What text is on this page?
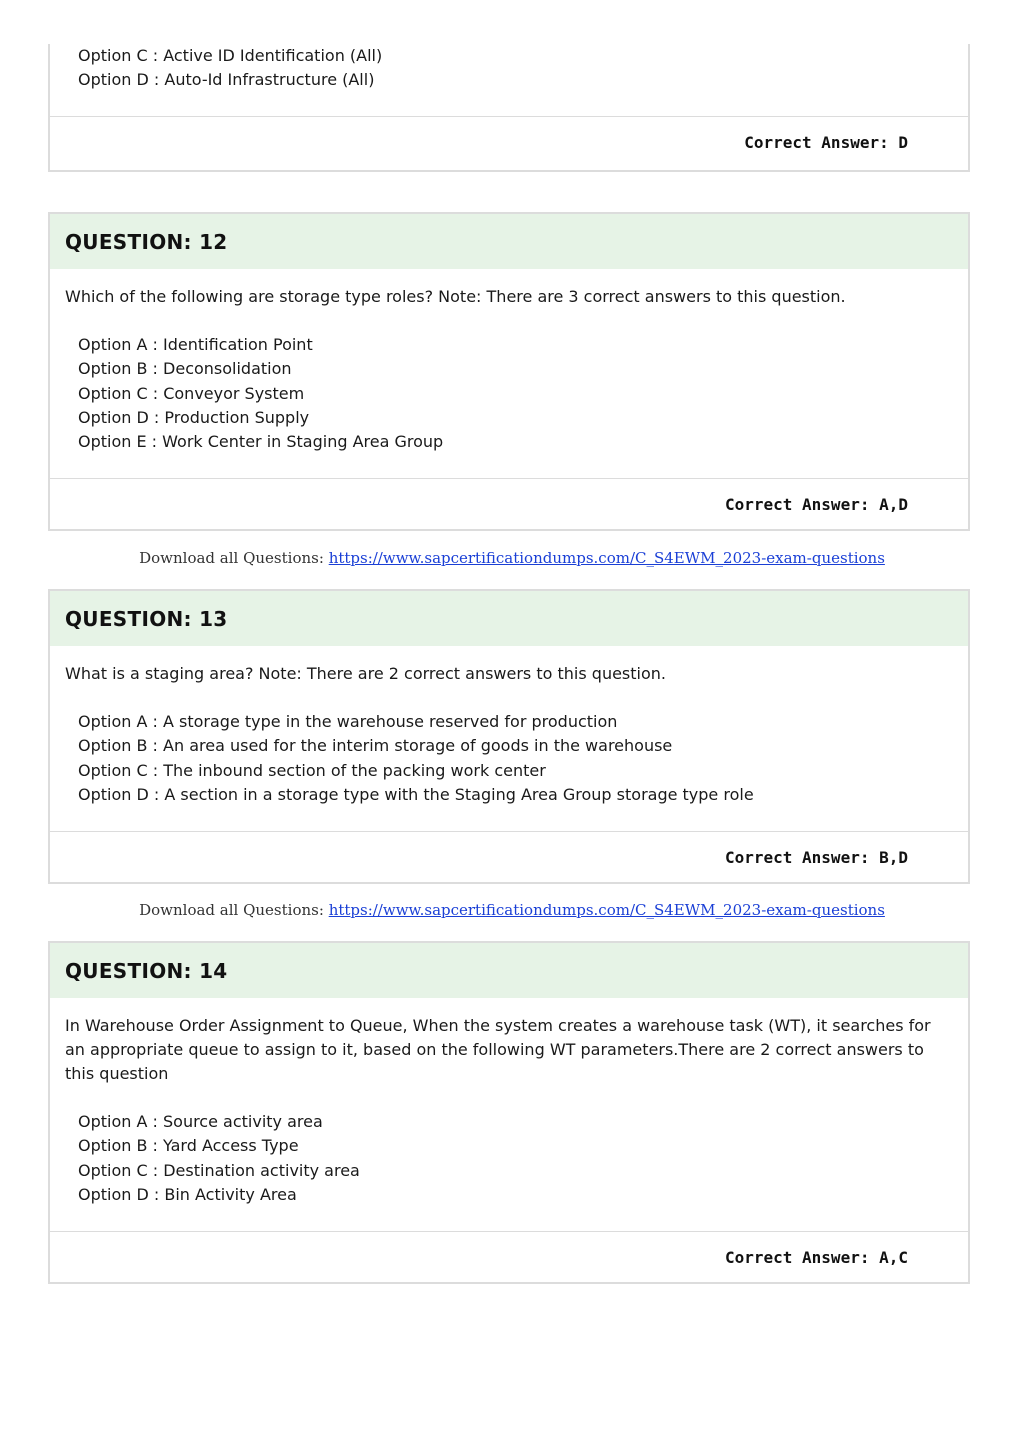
Option C : Active ID Identification (All)
Option D : Auto-Id Infrastructure (All)
Correct Answer: D
QUESTION: 12

Which of the following are storage type roles? Note: There are 3 correct answers to this question.

Option A : Identification Point
Option B : Deconsolidation
Option C : Conveyor System
Option D : Production Supply
Option E : Work Center in Staging Area Group
Correct Answer: A,D
Download all Questions: https://www.sapcertificationdumps.com/C_S4EWM_2023-exam-questions
QUESTION: 13

What is a staging area? Note: There are 2 correct answers to this question.

Option A : A storage type in the warehouse reserved for production
Option B : An area used for the interim storage of goods in the warehouse
Option C : The inbound section of the packing work center
Option D : A section in a storage type with the Staging Area Group storage type role
Correct Answer: B,D
Download all Questions: https://www.sapcertificationdumps.com/C_S4EWM_2023-exam-questions
QUESTION: 14

In Warehouse Order Assignment to Queue, When the system creates a warehouse task (WT), it searches for an appropriate queue to assign to it, based on the following WT parameters.There are 2 correct answers to this question

Option A : Source activity area
Option B : Yard Access Type
Option C : Destination activity area
Option D : Bin Activity Area
Correct Answer: A,C
